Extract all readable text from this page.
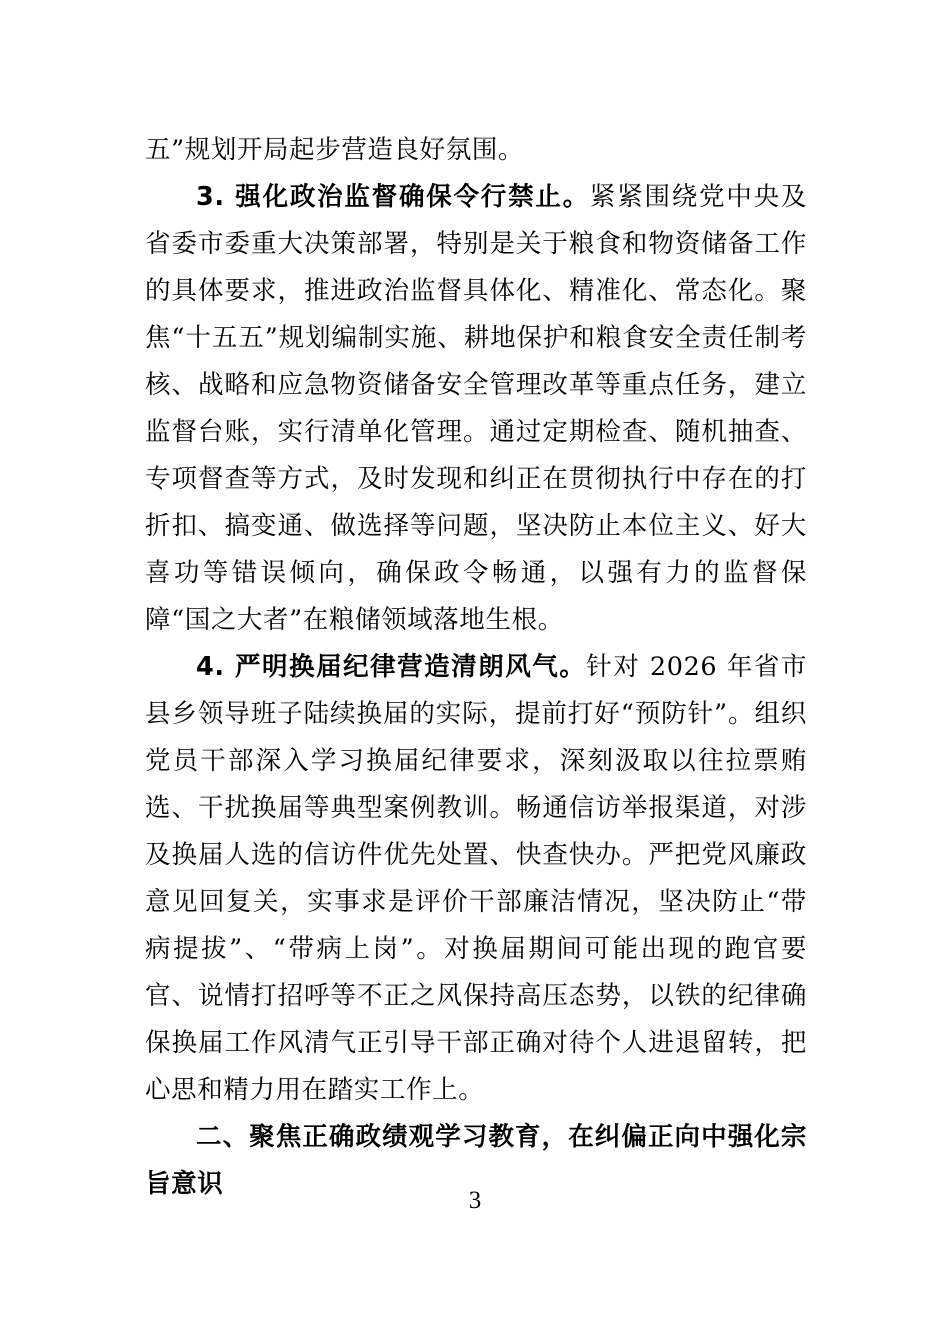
五”规划开局起步营造良好氛围。

3. 强化政治监督确保令行禁止。紧紧围绕党中央及省委市委重大决策部署，特别是关于粮食和物资储备工作的具体要求，推进政治监督具体化、精准化、常态化。聚焦“十五五”规划编制实施、耕地保护和粮食安全责任制考核、战略和应急物资储备安全管理改革等重点任务，建立监督台账，实行清单化管理。通过定期检查、随机抽查、专项督查等方式，及时发现和纠正在贯彻执行中存在的打折扣、搞变通、做选择等问题，坚决防止本位主义、好大喜功等错误倾向，确保政令畅通，以强有力的监督保障“国之大者”在粮储领域落地生根。

4. 严明换届纪律营造清朗风气。针对 2026 年省市县乡领导班子陆续换届的实际，提前打好“预防针”。组织党员干部深入学习换届纪律要求，深刻汲取以往拉票贿选、干扰换届等典型案例教训。畅通信访举报渠道，对涉及换届人选的信访件优先处置、快查快办。严把党风廉政意见回复关，实事求是评价干部廉洁情况，坚决防止“带病提拔”、“带病上岗”。对换届期间可能出现的跑官要官、说情打招呼等不正之风保持高压态势，以铁的纪律确保换届工作风清气正引导干部正确对待个人进退留转，把心思和精力用在踏实工作上。

二、聚焦正确政绩观学习教育，在纠偏正向中强化宗旨意识

3
